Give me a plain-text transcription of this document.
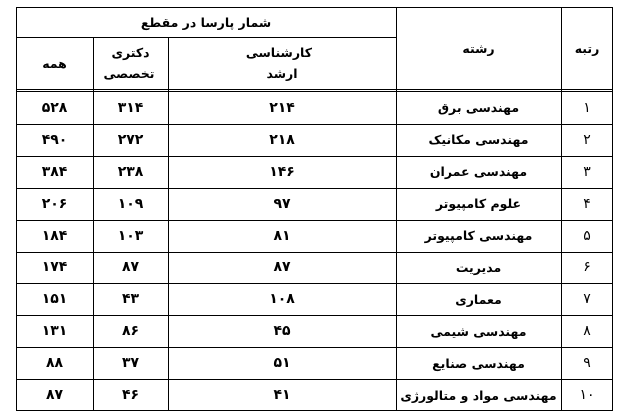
رتبه
رشته
شمار پارسا در مقطع
کارشناسی ارشد
دکتری تخصصی
همه
۱
مهندسی برق
۲۱۴
۳۱۴
۵۲۸
۲
مهندسی مکانیک
۲۱۸
۲۷۲
۴۹۰
۳
مهندسی عمران
۱۴۶
۲۳۸
۳۸۴
۴
علوم کامپیوتر
۹۷
۱۰۹
۲۰۶
۵
مهندسی کامپیوتر
۸۱
۱۰۳
۱۸۴
۶
مدیریت
۸۷
۸۷
۱۷۴
۷
معماری
۱۰۸
۴۳
۱۵۱
۸
مهندسی شیمی
۴۵
۸۶
۱۳۱
۹
مهندسی صنایع
۵۱
۳۷
۸۸
۱۰
مهندسی مواد و متالورژی
۴۱
۴۶
۸۷
